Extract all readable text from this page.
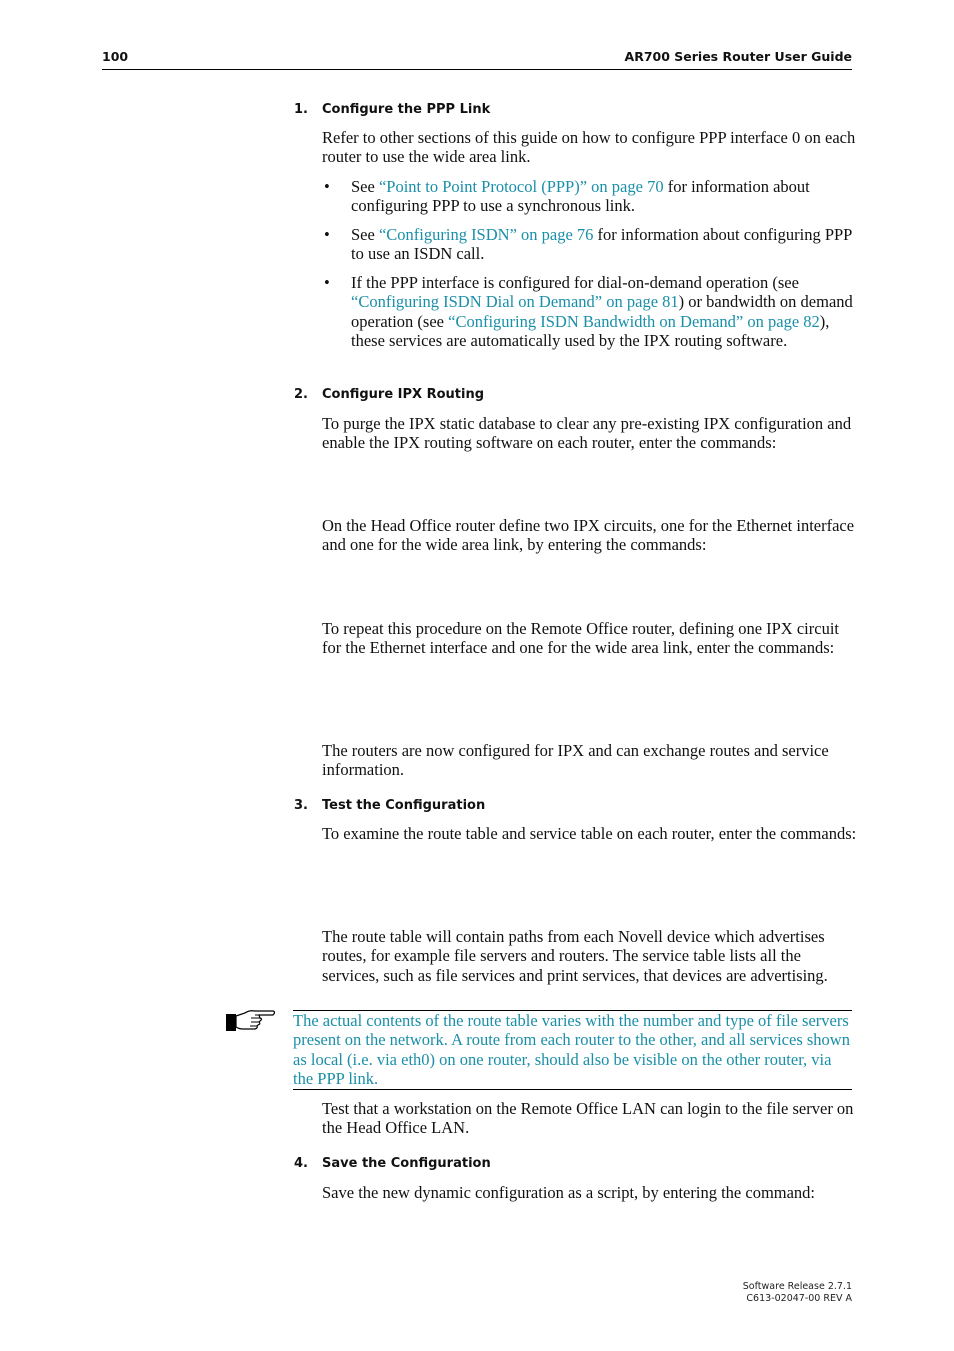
100	AR700 Series Router User Guide
1. Configure the PPP Link
Refer to other sections of this guide on how to configure PPP interface 0 on each router to use the wide area link.
• See “Point to Point Protocol (PPP)” on page 70 for information about configuring PPP to use a synchronous link.
• See “Configuring ISDN” on page 76 for information about configuring PPP to use an ISDN call.
• If the PPP interface is configured for dial-on-demand operation (see “Configuring ISDN Dial on Demand” on page 81) or bandwidth on demand operation (see “Configuring ISDN Bandwidth on Demand” on page 82), these services are automatically used by the IPX routing software.
2. Configure IPX Routing
To purge the IPX static database to clear any pre-existing IPX configuration and enable the IPX routing software on each router, enter the commands:
On the Head Office router define two IPX circuits, one for the Ethernet interface and one for the wide area link, by entering the commands:
To repeat this procedure on the Remote Office router, defining one IPX circuit for the Ethernet interface and one for the wide area link, enter the commands:
The routers are now configured for IPX and can exchange routes and service information.
3. Test the Configuration
To examine the route table and service table on each router, enter the commands:
The route table will contain paths from each Novell device which advertises routes, for example file servers and routers. The service table lists all the services, such as file services and print services, that devices are advertising.
The actual contents of the route table varies with the number and type of file servers present on the network. A route from each router to the other, and all services shown as local (i.e. via eth0) on one router, should also be visible on the other router, via the PPP link.
Test that a workstation on the Remote Office LAN can login to the file server on the Head Office LAN.
4. Save the Configuration
Save the new dynamic configuration as a script, by entering the command:
Software Release 2.7.1
C613-02047-00 REV A
